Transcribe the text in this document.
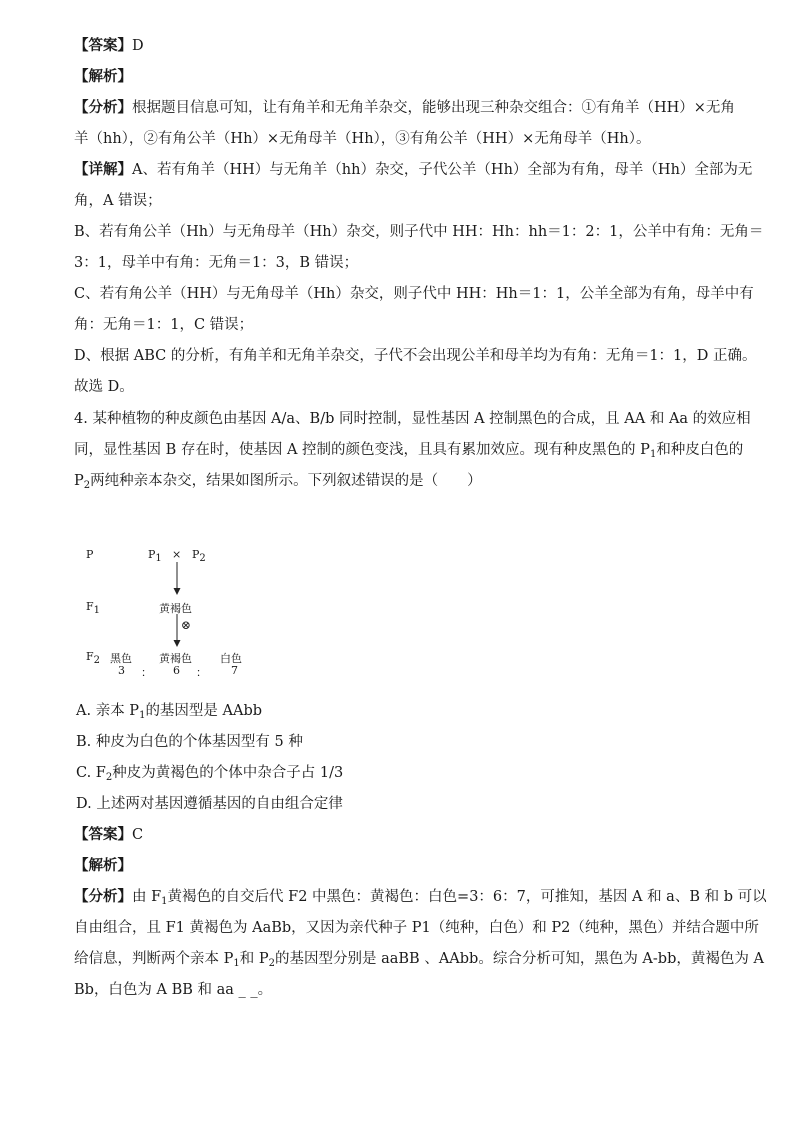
【答案】D
【解析】
【分析】根据题目信息可知，让有角羊和无角羊杂交，能够出现三种杂交组合：①有角羊（HH）×无角
羊（hh），②有角公羊（Hh）×无角母羊（Hh），③有角公羊（HH）×无角母羊（Hh）。
【详解】A、若有角羊（HH）与无角羊（hh）杂交，子代公羊（Hh）全部为有角，母羊（Hh）全部为无
角，A 错误；
B、若有角公羊（Hh）与无角母羊（Hh）杂交，则子代中 HH：Hh：hh＝1：2：1，公羊中有角：无角＝
3：1，母羊中有角：无角＝1：3，B 错误；
C、若有角公羊（HH）与无角母羊（Hh）杂交，则子代中 HH：Hh＝1：1，公羊全部为有角，母羊中有
角：无角＝1：1，C 错误；
D、根据 ABC 的分析，有角羊和无角羊杂交，子代不会出现公羊和母羊均为有角：无角＝1：1，D 正确。
故选 D。
4. 某种植物的种皮颜色由基因 A/a、B/b 同时控制，显性基因 A 控制黑色的合成，且 AA 和 Aa 的效应相
同，显性基因 B 存在时，使基因 A 控制的颜色变浅，且具有累加效应。现有种皮黑色的 $P_1$和种皮白色的
$P_2$两纯种亲本杂交，结果如图所示。下列叙述错误的是（　　）
P	$P_1 \times P_2$
$F_1$	黄褐色
⊗
$F_2$ 黑色 黄褐色	白色
3 ： 6 ： 7
A. 亲本 $P_1$的基因型是 AAbb
B. 种皮为白色的个体基因型有 5 种
C. $F_2$种皮为黄褐色的个体中杂合子占 1/3
D. 上述两对基因遵循基因的自由组合定律
【答案】C
【解析】
【分析】由 $F_1$黄褐色的自交后代 F2 中黑色：黄褐色：白色=3：6：7，可推知，基因 A 和 a、B 和 b 可以
自由组合，且 F1 黄褐色为 AaBb，又因为亲代种子 P1（纯种，白色）和 P2（纯种，黑色）并结合题中所
给信息，判断两个亲本 $P_1$和 $P_2$的基因型分别是 aaBB 、AAbb。综合分析可知，黑色为 A-bb，黄褐色为 A
Bb，白色为 A BB 和 aa _ _。
